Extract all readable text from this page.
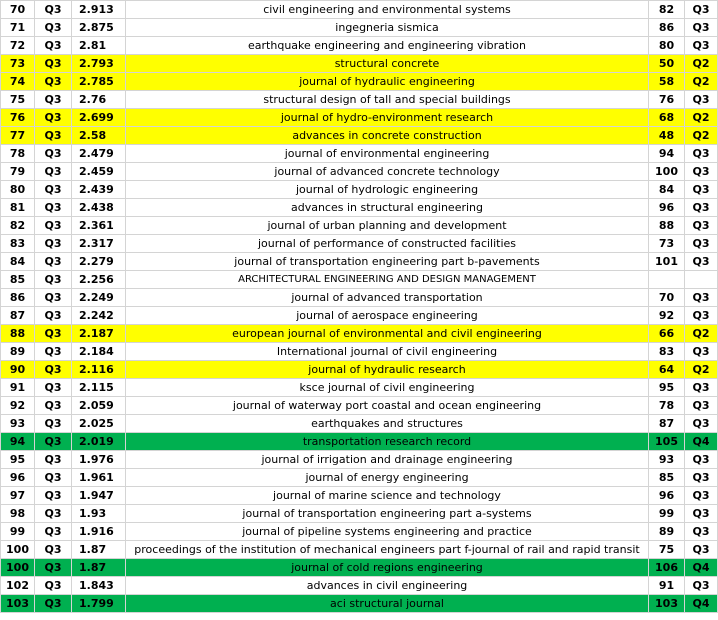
70	Q3	2.913	civil engineering and environmental systems	82	Q3
71	Q3	2.875	ingegneria sismica	86	Q3
72	Q3	2.81	earthquake engineering and engineering vibration	80	Q3
73	Q3	2.793	structural concrete	50	Q2
74	Q3	2.785	journal of hydraulic engineering	58	Q2
75	Q3	2.76	structural design of tall and special buildings	76	Q3
76	Q3	2.699	journal of hydro-environment research	68	Q2
77	Q3	2.58	advances in concrete construction	48	Q2
78	Q3	2.479	journal of environmental engineering	94	Q3
79	Q3	2.459	journal of advanced concrete technology	100	Q3
80	Q3	2.439	journal of hydrologic engineering	84	Q3
81	Q3	2.438	advances in structural engineering	96	Q3
82	Q3	2.361	journal of urban planning and development	88	Q3
83	Q3	2.317	journal of performance of constructed facilities	73	Q3
84	Q3	2.279	journal of transportation engineering part b-pavements	101	Q3
85	Q3	2.256	ARCHITECTURAL ENGINEERING AND DESIGN MANAGEMENT		
86	Q3	2.249	journal of advanced transportation	70	Q3
87	Q3	2.242	journal of aerospace engineering	92	Q3
88	Q3	2.187	european journal of environmental and civil engineering	66	Q2
89	Q3	2.184	International journal of civil engineering	83	Q3
90	Q3	2.116	journal of hydraulic research	64	Q2
91	Q3	2.115	ksce journal of civil engineering	95	Q3
92	Q3	2.059	journal of waterway port coastal and ocean engineering	78	Q3
93	Q3	2.025	earthquakes and structures	87	Q3
94	Q3	2.019	transportation research record	105	Q4
95	Q3	1.976	journal of irrigation and drainage engineering	93	Q3
96	Q3	1.961	journal of energy engineering	85	Q3
97	Q3	1.947	journal of marine science and technology	96	Q3
98	Q3	1.93	journal of transportation engineering part a-systems	99	Q3
99	Q3	1.916	journal of pipeline systems engineering and practice	89	Q3
100	Q3	1.87	proceedings of the institution of mechanical engineers part f-journal of rail and rapid transit	75	Q3
100	Q3	1.87	journal of cold regions engineering	106	Q4
102	Q3	1.843	advances in civil engineering	91	Q3
103	Q3	1.799	aci structural journal	103	Q4
